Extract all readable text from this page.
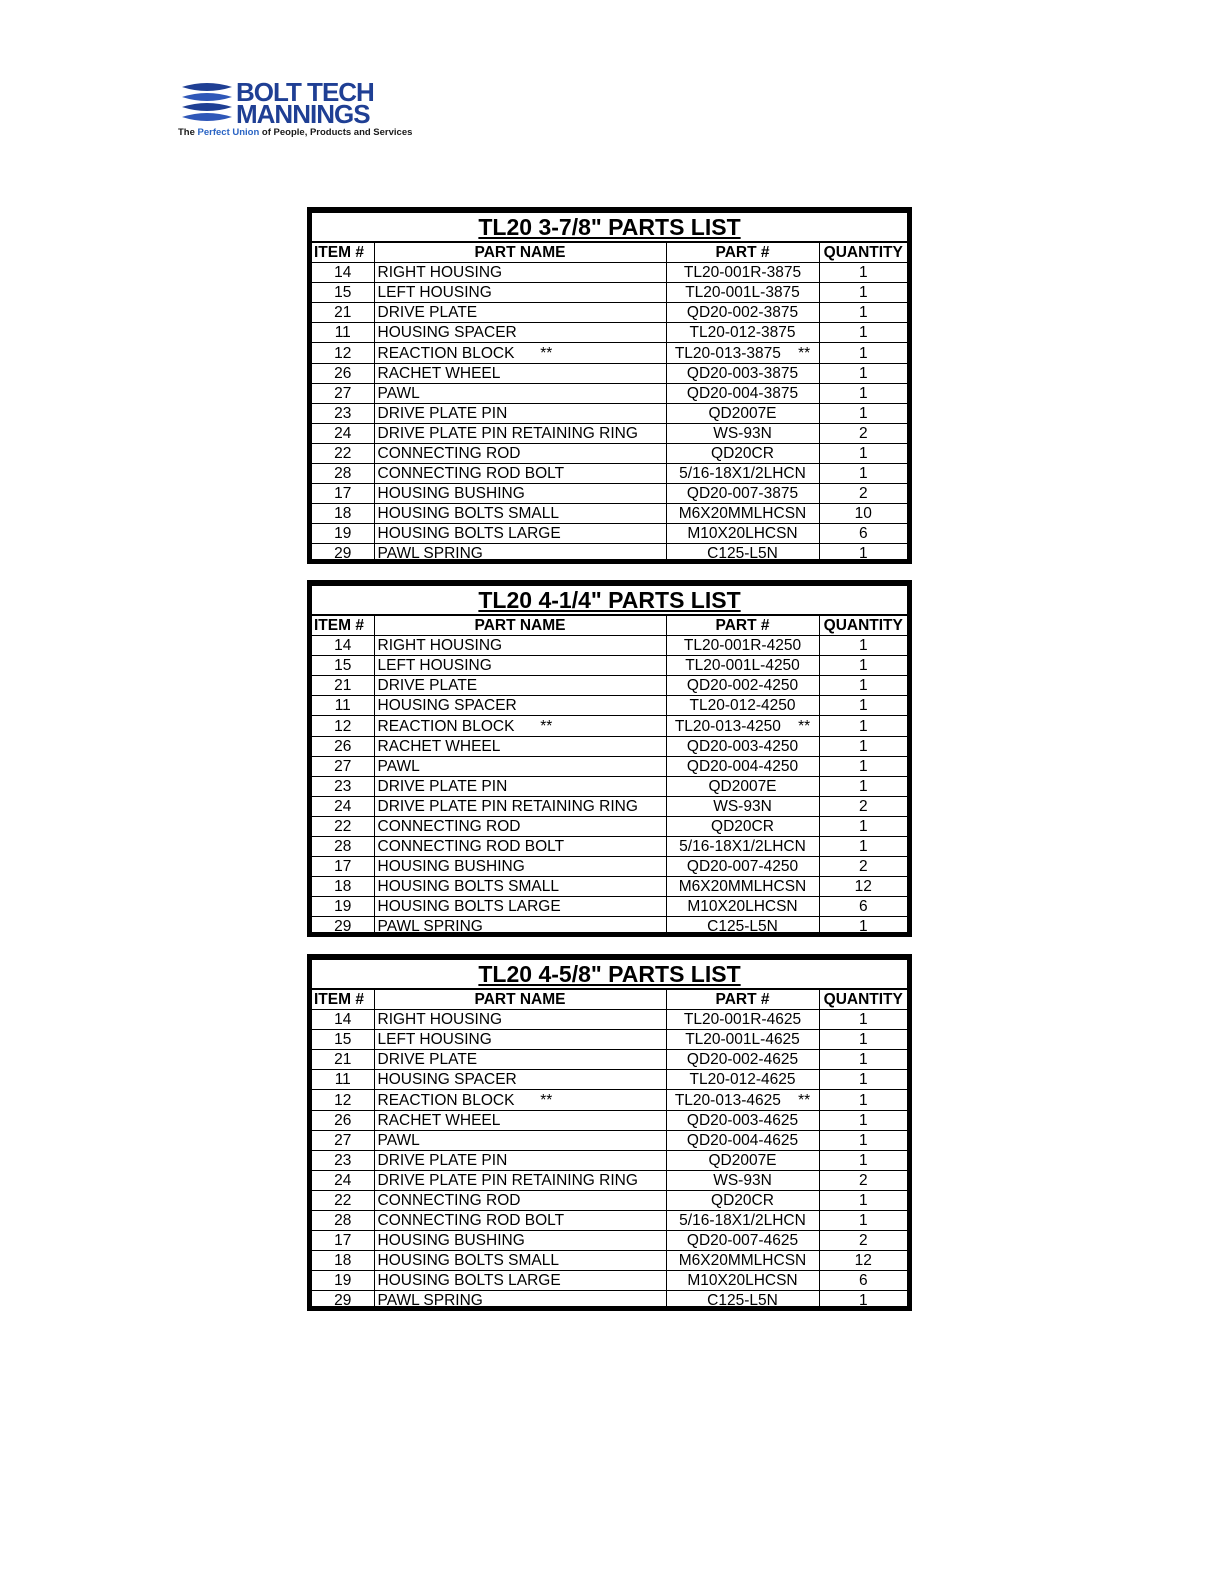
BOLT TECH
MANNINGS
The Perfect Union of People, Products and Services
TL20 3-7/8" PARTS LIST			
ITEM #	PART NAME	PART #	QUANTITY
14	RIGHT HOUSING	TL20-001R-3875	1
15	LEFT HOUSING	TL20-001L-3875	1
21	DRIVE PLATE	QD20-002-3875	1
11	HOUSING SPACER	TL20-012-3875	1
12	REACTION BLOCK      **	TL20-013-3875    **	1
26	RACHET WHEEL	QD20-003-3875	1
27	PAWL	QD20-004-3875	1
23	DRIVE PLATE PIN	QD2007E	1
24	DRIVE PLATE PIN RETAINING RING	WS-93N	2
22	CONNECTING ROD	QD20CR	1
28	CONNECTING ROD BOLT	5/16-18X1/2LHCN	1
17	HOUSING BUSHING	QD20-007-3875	2
18	HOUSING BOLTS SMALL	M6X20MMLHCSN	10
19	HOUSING BOLTS LARGE	M10X20LHCSN	6
29	PAWL SPRING	C125-L5N	1
TL20 4-1/4" PARTS LIST			
ITEM #	PART NAME	PART #	QUANTITY
14	RIGHT HOUSING	TL20-001R-4250	1
15	LEFT HOUSING	TL20-001L-4250	1
21	DRIVE PLATE	QD20-002-4250	1
11	HOUSING SPACER	TL20-012-4250	1
12	REACTION BLOCK      **	TL20-013-4250    **	1
26	RACHET WHEEL	QD20-003-4250	1
27	PAWL	QD20-004-4250	1
23	DRIVE PLATE PIN	QD2007E	1
24	DRIVE PLATE PIN RETAINING RING	WS-93N	2
22	CONNECTING ROD	QD20CR	1
28	CONNECTING ROD BOLT	5/16-18X1/2LHCN	1
17	HOUSING BUSHING	QD20-007-4250	2
18	HOUSING BOLTS SMALL	M6X20MMLHCSN	12
19	HOUSING BOLTS LARGE	M10X20LHCSN	6
29	PAWL SPRING	C125-L5N	1
TL20 4-5/8" PARTS LIST			
ITEM #	PART NAME	PART #	QUANTITY
14	RIGHT HOUSING	TL20-001R-4625	1
15	LEFT HOUSING	TL20-001L-4625	1
21	DRIVE PLATE	QD20-002-4625	1
11	HOUSING SPACER	TL20-012-4625	1
12	REACTION BLOCK      **	TL20-013-4625    **	1
26	RACHET WHEEL	QD20-003-4625	1
27	PAWL	QD20-004-4625	1
23	DRIVE PLATE PIN	QD2007E	1
24	DRIVE PLATE PIN RETAINING RING	WS-93N	2
22	CONNECTING ROD	QD20CR	1
28	CONNECTING ROD BOLT	5/16-18X1/2LHCN	1
17	HOUSING BUSHING	QD20-007-4625	2
18	HOUSING BOLTS SMALL	M6X20MMLHCSN	12
19	HOUSING BOLTS LARGE	M10X20LHCSN	6
29	PAWL SPRING	C125-L5N	1
